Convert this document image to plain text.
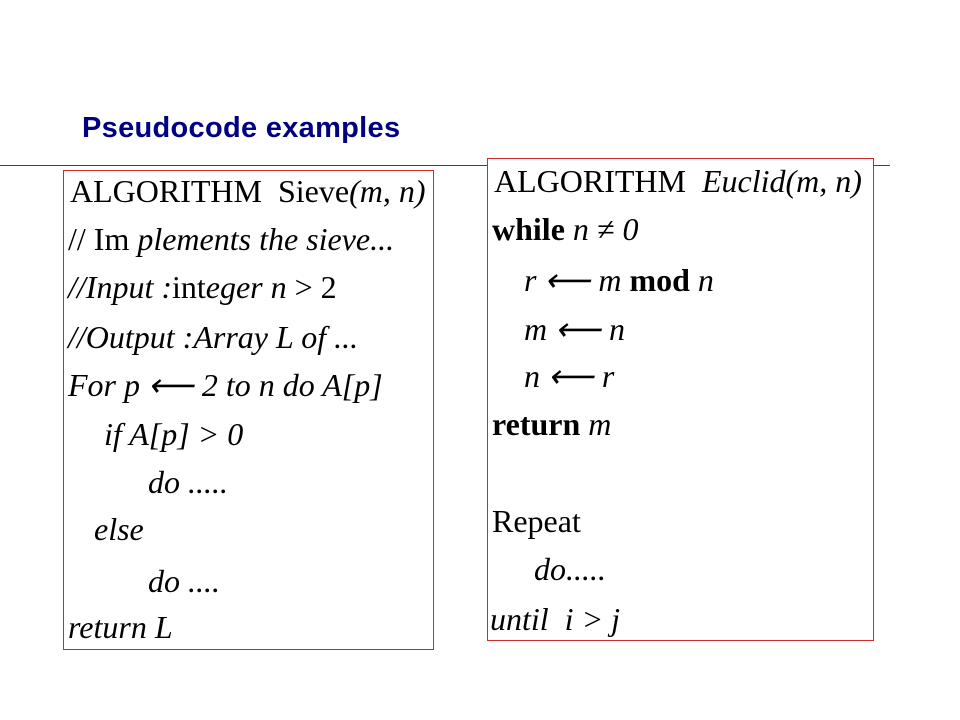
Pseudocode examples
ALGORITHM Sieve(m, n)
// Im plements the sieve...
//Input :integer n > 2
//Output :Array L of ...
For p ⟵ 2 to n do A[p]
if A[p] > 0
do .....
else
do ....
return L
ALGORITHM Euclid(m, n)
while n ≠ 0
r ⟵ m mod n
m ⟵ n
n ⟵ r
return m
Repeat
do.....
until i > j
